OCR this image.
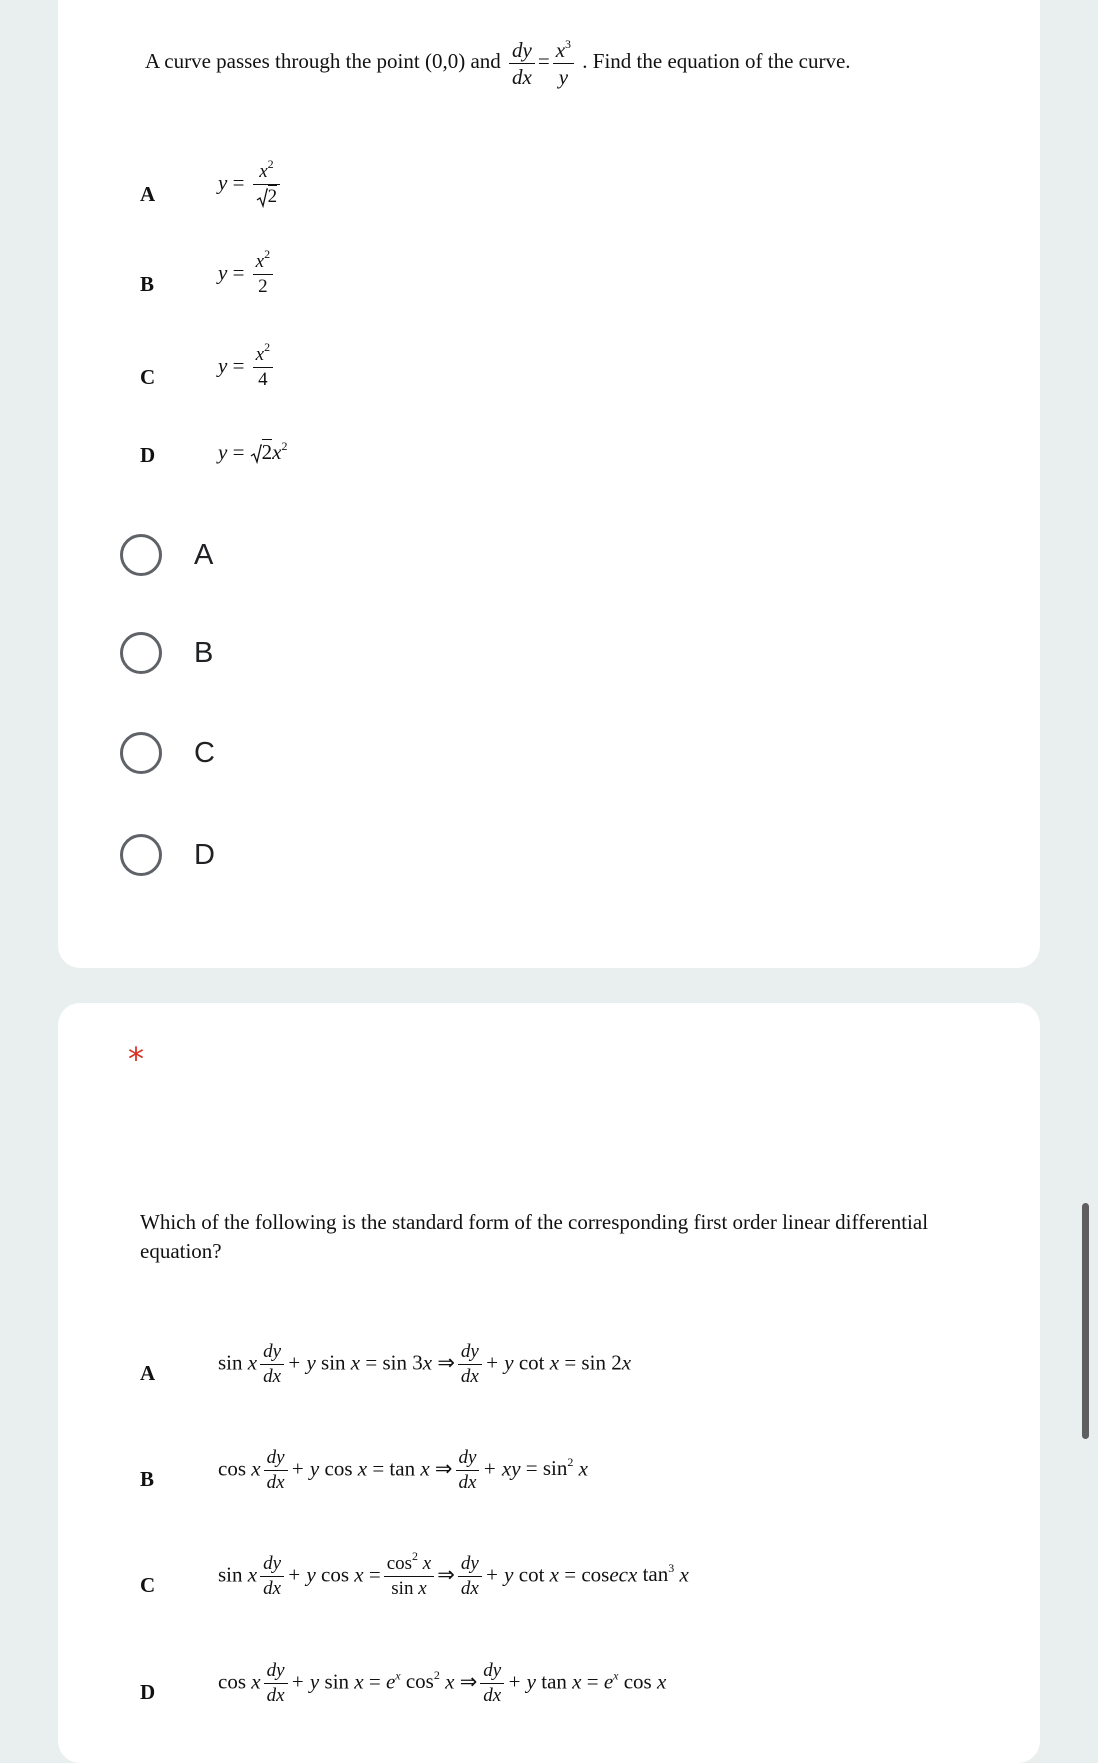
A curve passes through the point (0,0) and $\frac{dy}{dx} = \frac{x^3}{y}$ . Find the equation of the curve.
A	$y = \frac{x^2}{2}$
B	$y = \frac{x^2}{2}$
C	$y = \frac{x^2}{4}$
D	$y = 2x^2$
A
B
C
D
*
Which of the following is the standard form of the corresponding first order linear differential equation?
A	sin x $\frac{dy}{dx} + y$ sin x = sin 3x ⇒ $\frac{dy}{dx} + y$ cot x = sin 2x
B	cos x $\frac{dy}{dx} + y$ cos x = tan x ⇒ $\frac{dy}{dx}$ + xy = $\sin^2 x$
C	sin x $\frac{dy}{dx} + y$ $\cos x = \frac{\cos^2 x}{\text{sin x}}$ ⇒ $\frac{dy}{dx} + y$ cot x = cosecx $\tan^3 x$
D	cos x $\frac{dy}{dx} + y$ $\sin x = e^x$ $\cos^2 x$ ⇒ $\frac{dy}{dx} + y$ $\tan x = e^x$ cos x
